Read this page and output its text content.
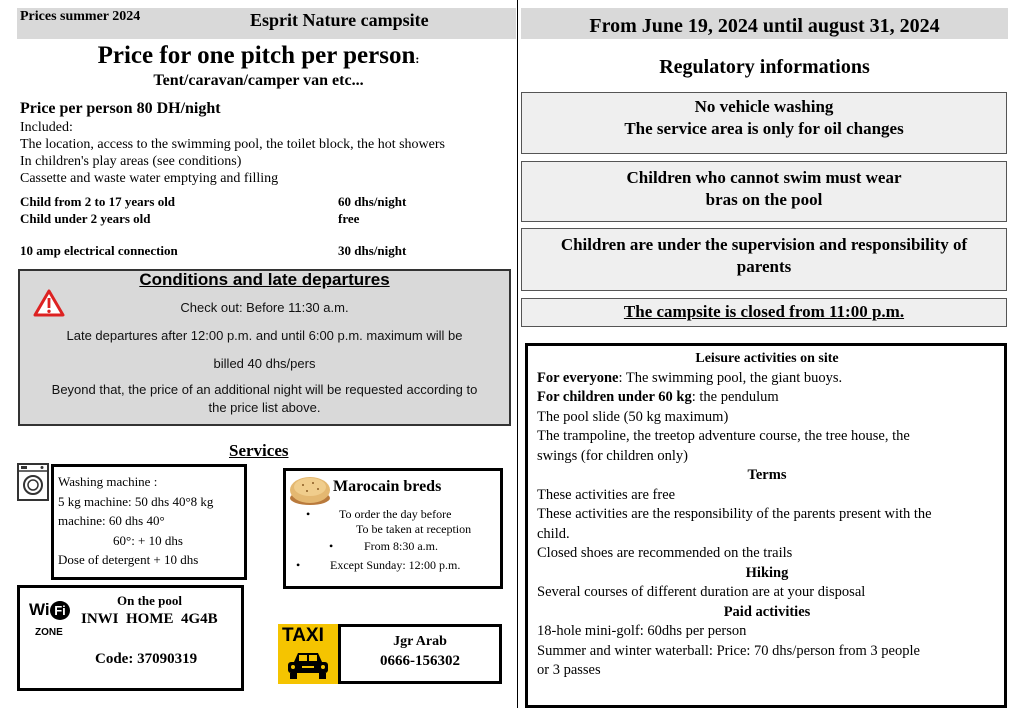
Prices summer 2024	Esprit Nature campsite	From June 19, 2024 until august 31, 2024
Price for one pitch per person:
Tent/caravan/camper van etc...
Price per person 80 DH/night
Included:
The location, access to the swimming pool, the toilet block, the hot showers
In children's play areas (see conditions)
Cassette and waste water emptying and filling
Child from 2 to 17 years old	60 dhs/night
Child under 2 years old	free
10 amp electrical connection	30 dhs/night
Conditions and late departures
Check out: Before 11:30 a.m.
Late departures after 12:00 p.m. and until 6:00 p.m. maximum will be
billed 40 dhs/pers
Beyond that, the price of an additional night will be requested according to
the price list above.
Services
Washing machine :
5 kg machine: 50 dhs 40°8 kg
machine: 60 dhs 40°
60°: + 10 dhs
Dose of detergent + 10 dhs
Marocain breds
• To order the day before
To be taken at reception
•	From 8:30 a.m.
• Except Sunday: 12:00 p.m.
Wi Fi
ZONE
On the pool
INWI  HOME  4G4B
Code: 37090319
TAXI	Jgr Arab
0666-156302
Regulatory informations
No vehicle washing
The service area is only for oil changes
Children who cannot swim must wear
bras on the pool
Children are under the supervision and responsibility of
parents
The campsite is closed from 11:00 p.m.
Leisure activities on site
For everyone: The swimming pool, the giant buoys.
For children under 60 kg: the pendulum
The pool slide (50 kg maximum)
The trampoline, the treetop adventure course, the tree house, the
swings (for children only)
Terms
These activities are free
These activities are the responsibility of the parents present with the
child.
Closed shoes are recommended on the trails
Hiking
Several courses of different duration are at your disposal
Paid activities
18-hole mini-golf: 60dhs per person
Summer and winter waterball: Price: 70 dhs/person from 3 people
or 3 passes
